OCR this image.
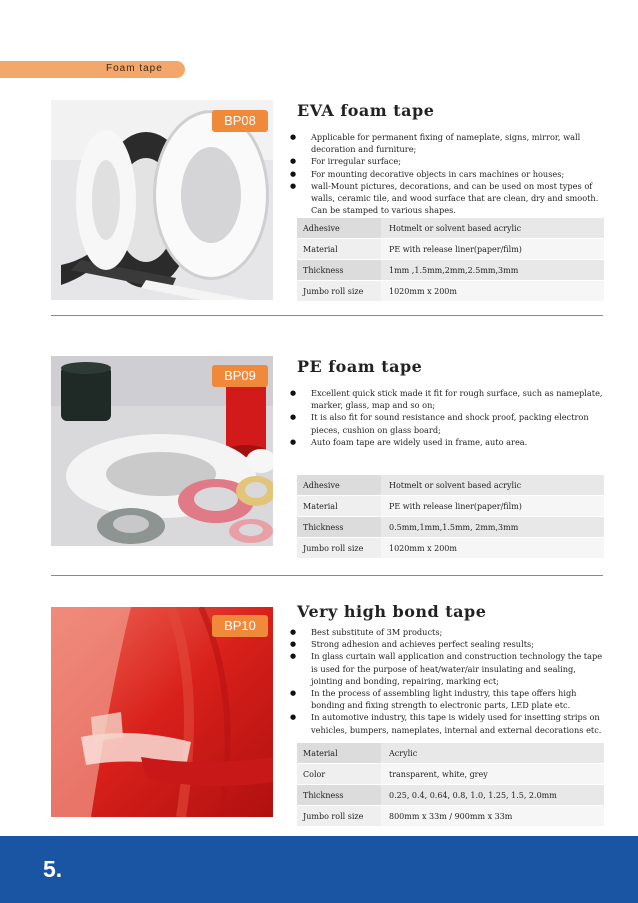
Foam tape
BP08
EVA foam tape
● Applicable for permanent fixing of nameplate, signs, mirror, wall decoration and furniture;
● For irregular surface;
● For mounting decorative objects in cars machines or houses;
● wall-Mount pictures, decorations, and can be used on most types of walls, ceramic tile, and wood surface that are clean, dry and smooth. Can be stamped to various shapes.
Adhesive	Hotmelt or solvent based acrylic
Material	PE with release liner(paper/film)
Thickness	1mm ,1.5mm,2mm,2.5mm,3mm
Jumbo roll size	1020mm x 200m
BP09	PE foam tape
● Excellent quick stick made it fit for rough surface, such as nameplate, marker, glass, map and so on;
● It is also fit for sound resistance and shock proof, packing electron pieces, cushion on glass board;
● Auto foam tape are widely used in frame, auto area.
Adhesive	Hotmelt or solvent based acrylic
Material	PE with release liner(paper/film)
Thickness	0.5mm,1mm,1.5mm, 2mm,3mm
Jumbo roll size	1020mm x 200m
BP10
Very high bond tape
● Best substitute of 3M products;
● Strong adhesion and achieves perfect sealing results;
● In glass curtain wall application and construction technology the tape is used for the purpose of heat/water/air insulating and sealing, jointing and bonding, repairing, marking ect;
● In the process of assembling light industry, this tape offers high bonding and fixing strength to electronic parts, LED plate etc.
● In automotive industry, this tape is widely used for insetting strips on vehicles, bumpers, nameplates, internal and external decorations etc.
Material	Acrylic
Color	transparent, white, grey
Thickness	0.25, 0.4, 0.64, 0.8, 1.0, 1.25, 1.5, 2.0mm
Jumbo roll size	800mm x 33m / 900mm x 33m
5.
